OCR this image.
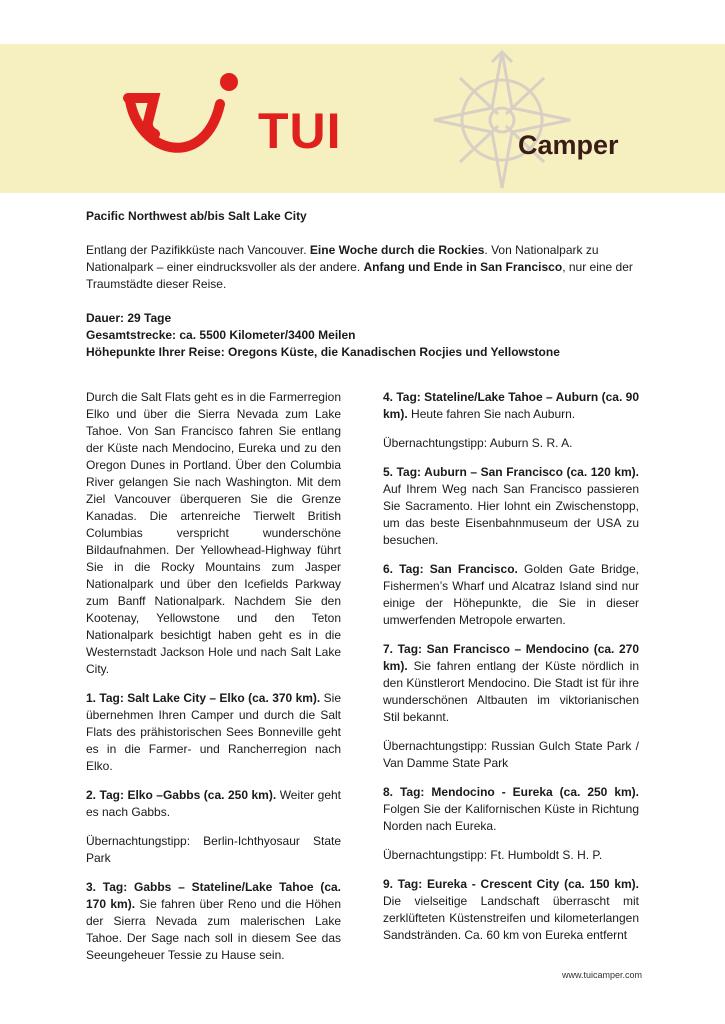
TUI	Camper

Pacific Northwest ab/bis Salt Lake City

Entlang der Pazifikküste nach Vancouver. Eine Woche durch die Rockies. Von Nationalpark zu Nationalpark – einer eindrucksvoller als der andere. Anfang und Ende in San Francisco, nur eine der Traumstädte dieser Reise.

Dauer: 29 Tage
Gesamtstrecke: ca. 5500 Kilometer/3400 Meilen
Höhepunkte Ihrer Reise: Oregons Küste, die Kanadischen Rocjies und Yellowstone

Durch die Salt Flats geht es in die Farmerregion Elko und über die Sierra Nevada zum Lake Tahoe. Von San Francisco fahren Sie entlang der Küste nach Mendocino, Eureka und zu den Oregon Dunes in Portland. Über den Columbia River gelangen Sie nach Washington. Mit dem Ziel Vancouver überqueren Sie die Grenze Kanadas. Die artenreiche Tierwelt British Columbias verspricht wunderschöne Bildaufnahmen. Der Yellowhead-Highway führt Sie in die Rocky Mountains zum Jasper Nationalpark und über den Icefields Parkway zum Banff Nationalpark. Nachdem Sie den Kootenay, Yellowstone und den Teton Nationalpark besichtigt haben geht es in die Westernstadt Jackson Hole und nach Salt Lake City.

1. Tag: Salt Lake City – Elko (ca. 370 km). Sie übernehmen Ihren Camper und durch die Salt Flats des prähistorischen Sees Bonneville geht es in die Farmer- und Rancherregion nach Elko.

2. Tag: Elko –Gabbs (ca. 250 km). Weiter geht es nach Gabbs.

Übernachtungstipp: Berlin-Ichthyosaur State Park

3. Tag: Gabbs – Stateline/Lake Tahoe (ca. 170 km). Sie fahren über Reno und die Höhen der Sierra Nevada zum malerischen Lake Tahoe. Der Sage nach soll in diesem See das Seeungeheuer Tessie zu Hause sein.

4. Tag: Stateline/Lake Tahoe – Auburn (ca. 90 km). Heute fahren Sie nach Auburn.

Übernachtungstipp: Auburn S. R. A.

5. Tag: Auburn – San Francisco (ca. 120 km). Auf Ihrem Weg nach San Francisco passieren Sie Sacramento. Hier lohnt ein Zwischenstopp, um das beste Eisenbahnmuseum der USA zu besuchen.

6. Tag: San Francisco. Golden Gate Bridge, Fishermen’s Wharf und Alcatraz Island sind nur einige der Höhepunkte, die Sie in dieser umwerfenden Metropole erwarten.

7. Tag: San Francisco – Mendocino (ca. 270 km). Sie fahren entlang der Küste nördlich in den Künstlerort Mendocino. Die Stadt ist für ihre wunderschönen Altbauten im viktorianischen Stil bekannt.

Übernachtungstipp: Russian Gulch State Park / Van Damme State Park

8. Tag: Mendocino - Eureka (ca. 250 km). Folgen Sie der Kalifornischen Küste in Richtung Norden nach Eureka.

Übernachtungstipp: Ft. Humboldt S. H. P.

9. Tag: Eureka - Crescent City (ca. 150 km). Die vielseitige Landschaft überrascht mit zerklüfteten Küstenstreifen und kilometerlangen Sandstränden. Ca. 60 km von Eureka entfernt

www.tuicamper.com
